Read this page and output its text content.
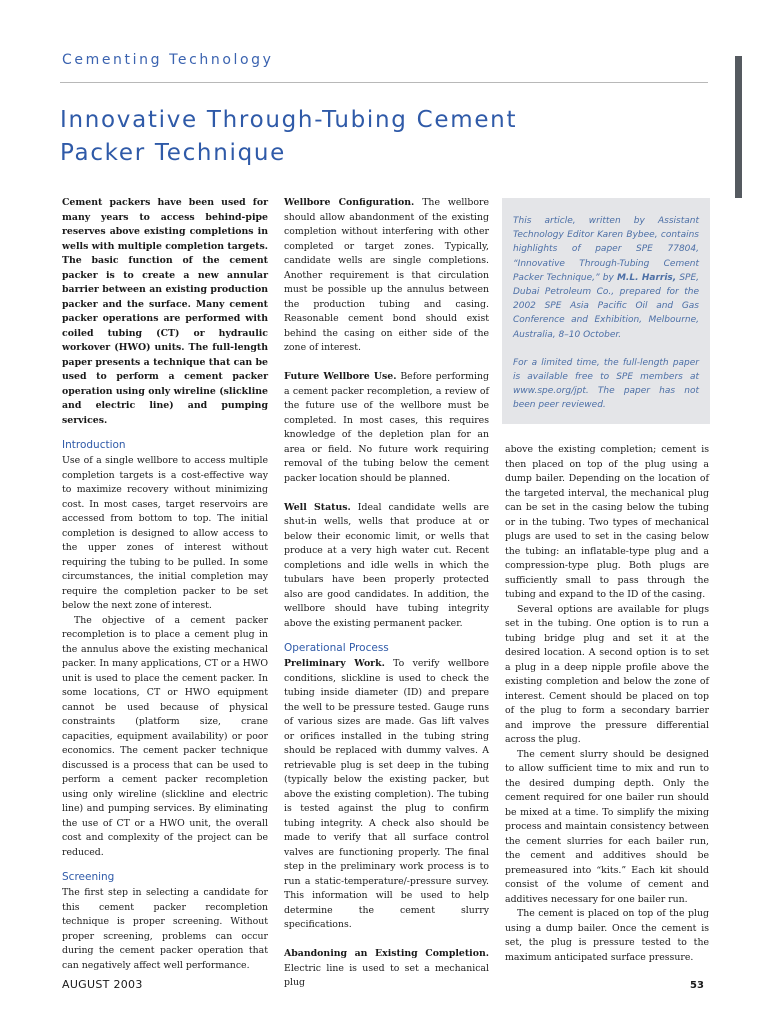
Cementing Technology
Innovative Through-Tubing Cement
Packer Technique

Cement packers have been used for many years to access behind-pipe reserves above existing completions in wells with multiple completion targets. The basic function of the cement packer is to create a new annular barrier between an existing production packer and the surface. Many cement packer operations are performed with coiled tubing (CT) or hydraulic workover (HWO) units. The full-length paper presents a technique that can be used to perform a cement packer operation using only wireline (slickline and electric line) and pumping services.

Introduction

Use of a single wellbore to access multiple completion targets is a cost-effective way to maximize recovery without minimizing cost. In most cases, target reservoirs are accessed from bottom to top. The initial completion is designed to allow access to the upper zones of interest without requiring the tubing to be pulled. In some circumstances, the initial completion may require the completion packer to be set below the next zone of interest.

The objective of a cement packer recompletion is to place a cement plug in the annulus above the existing mechanical packer. In many applications, CT or a HWO unit is used to place the cement packer. In some locations, CT or HWO equipment cannot be used because of physical constraints (platform size, crane capacities, equipment availability) or poor economics. The cement packer technique discussed is a process that can be used to perform a cement packer recompletion using only wireline (slickline and electric line) and pumping services. By eliminating the use of CT or a HWO unit, the overall cost and complexity of the project can be reduced.

Screening

The first step in selecting a candidate for this cement packer recompletion technique is proper screening. Without proper screening, problems can occur during the cement packer operation that can negatively affect well performance.

Wellbore Configuration. The wellbore should allow abandonment of the existing completion without interfering with other completed or target zones. Typically, candidate wells are single completions. Another requirement is that circulation must be possible up the annulus between the production tubing and casing. Reasonable cement bond should exist behind the casing on either side of the zone of interest.

Future Wellbore Use. Before performing a cement packer recompletion, a review of the future use of the wellbore must be completed. In most cases, this requires knowledge of the depletion plan for an area or field. No future work requiring removal of the tubing below the cement packer location should be planned.

Well Status. Ideal candidate wells are shut-in wells, wells that produce at or below their economic limit, or wells that produce at a very high water cut. Recent completions and idle wells in which the tubulars have been properly protected also are good candidates. In addition, the wellbore should have tubing integrity above the existing permanent packer.

Operational Process

Preliminary Work. To verify wellbore conditions, slickline is used to check the tubing inside diameter (ID) and prepare the well to be pressure tested. Gauge runs of various sizes are made. Gas lift valves or orifices installed in the tubing string should be replaced with dummy valves. A retrievable plug is set deep in the tubing (typically below the existing packer, but above the existing completion). The tubing is tested against the plug to confirm tubing integrity. A check also should be made to verify that all surface control valves are functioning properly. The final step in the preliminary work process is to run a static-temperature/-pressure survey. This information will be used to help determine the cement slurry specifications.

Abandoning an Existing Completion. Electric line is used to set a mechanical plug

This article, written by Assistant Technology Editor Karen Bybee, contains highlights of paper SPE 77804, “Innovative Through-Tubing Cement Packer Technique,” by M.L. Harris, SPE, Dubai Petroleum Co., prepared for the 2002 SPE Asia Pacific Oil and Gas Conference and Exhibition, Melbourne, Australia, 8–10 October.

For a limited time, the full-length paper is available free to SPE members at www.spe.org/jpt. The paper has not been peer reviewed.

above the existing completion; cement is then placed on top of the plug using a dump bailer. Depending on the location of the targeted interval, the mechanical plug can be set in the casing below the tubing or in the tubing. Two types of mechanical plugs are used to set in the casing below the tubing: an inflatable-type plug and a compression-type plug. Both plugs are sufficiently small to pass through the tubing and expand to the ID of the casing.

Several options are available for plugs set in the tubing. One option is to run a tubing bridge plug and set it at the desired location. A second option is to set a plug in a deep nipple profile above the existing completion and below the zone of interest. Cement should be placed on top of the plug to form a secondary barrier and improve the pressure differential across the plug.

The cement slurry should be designed to allow sufficient time to mix and run to the desired dumping depth. Only the cement required for one bailer run should be mixed at a time. To simplify the mixing process and maintain consistency between the cement slurries for each bailer run, the cement and additives should be premeasured into “kits.” Each kit should consist of the volume of cement and additives necessary for one bailer run.

The cement is placed on top of the plug using a dump bailer. Once the cement is set, the plug is pressure tested to the maximum anticipated surface pressure.

AUGUST 2003	53
